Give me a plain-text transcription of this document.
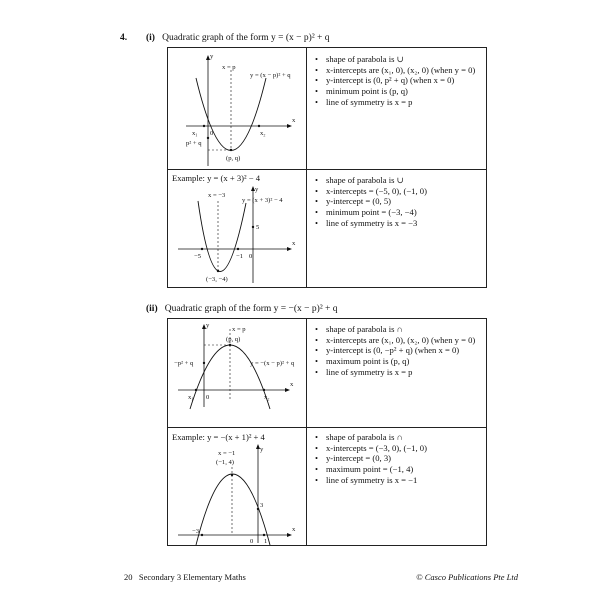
4. (i) Quadratic graph of the form y = (x − p)² + q
y
x
x = p
y = (x − p)² + q
x₁ 0	x₂
p² + q
(p, q)
• shape of parabola is ∪
• x-intercepts are (x₁, 0), (x₂, 0) (when y = 0)
• y-intercept is (0, p² + q) (when x = 0)
• minimum point is (p, q)
• line of symmetry is x = p
Example: y = (x + 3)² − 4
y
x
x = −3
y = (x + 3)² − 4
−5	−1 0
5
(−3, −4)
• shape of parabola is ∪
• x-intercepts = (−5, 0), (−1, 0)
• y-intercept = (0, 5)
• minimum point = (−3, −4)
• line of symmetry is x = −3
(ii) Quadratic graph of the form y = −(x − p)² + q
y
x
x = p
(p, q)
y = −(x − p)² + q
−p² + q
x₁ 0	x₂
• shape of parabola is ∩
• x-intercepts are (x₁, 0), (x₂, 0) (when y = 0)
• y-intercept is (0, −p² + q) (when x = 0)
• maximum point is (p, q)
• line of symmetry is x = p
Example: y = −(x + 1)² + 4
y
x
x = −1
(−1, 4)
3
−3
0 1
• shape of parabola is ∩
• x-intercepts = (−3, 0), (−1, 0)
• y-intercept = (0, 3)
• maximum point = (−1, 4)
• line of symmetry is x = −1
20 Secondary 3 Elementary Maths	© Casco Publications Pte Ltd
